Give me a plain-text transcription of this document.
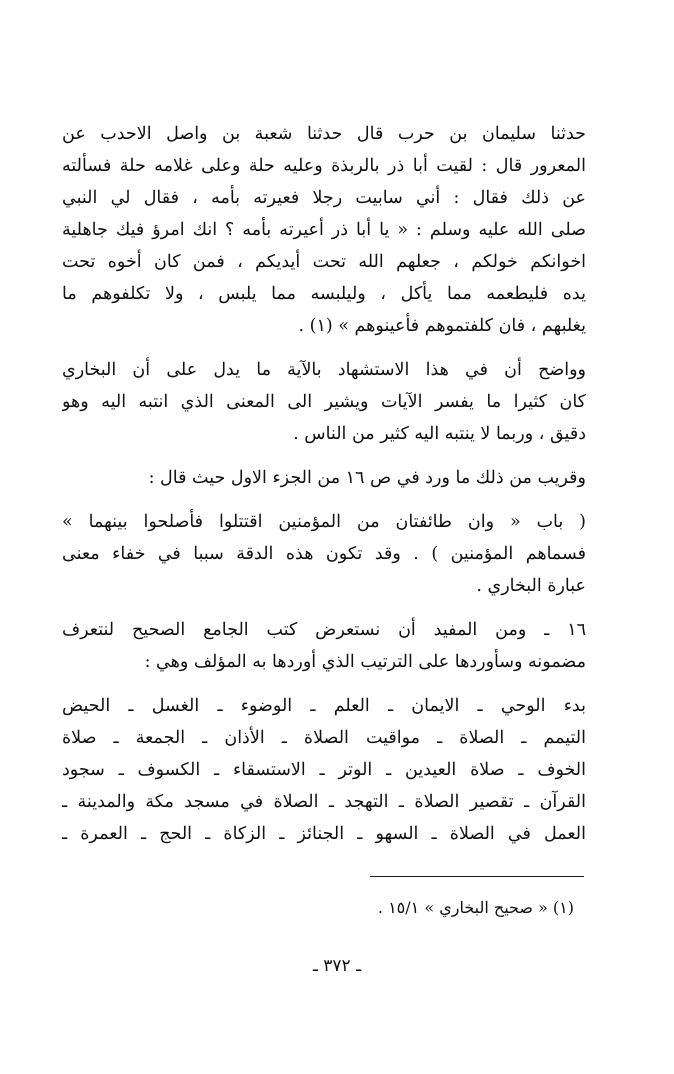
حدثنا سليمان بن حرب قال حدثنا شعبة بن واصل الاحدب عن
المعرور قال : لقيت أبا ذر بالربذة وعليه حلة وعلى غلامه حلة فسألته
عن ذلك فقال : أني سابيت رجلا فعيرته بأمه ، فقال لي النبي
صلى الله عليه وسلم : « يا أبا ذر أعيرته بأمه ؟ انك امرؤ فيك جاهلية
اخوانكم خولكم ، جعلهم الله تحت أيديكم ، فمن كان أخوه تحت
يده فليطعمه مما يأكل ، وليلبسه مما يلبس ، ولا تكلفوهم ما
يغلبهم ، فان كلفتموهم فأعينوهم » (١) .
وواضح أن في هذا الاستشهاد بالآية ما يدل على أن البخاري
كان كثيرا ما يفسر الآيات ويشير الى المعنى الذي انتبه اليه وهو
دقيق ، وربما لا ينتبه اليه كثير من الناس .
وقريب من ذلك ما ورد في ص ١٦ من الجزء الاول حيث قال :
( باب « وان طائفتان من المؤمنين اقتتلوا فأصلحوا بينهما »
فسماهم المؤمنين ) . وقد تكون هذه الدقة سببا في خفاء معنى
عبارة البخاري .
١٦ ـ ومن المفيد أن نستعرض كتب الجامع الصحيح لنتعرف
مضمونه وسأوردها على الترتيب الذي أوردها به المؤلف وهي :
بدء الوحي ـ الايمان ـ العلم ـ الوضوء ـ الغسل ـ الحيض
التيمم ـ الصلاة ـ مواقيت الصلاة ـ الأذان ـ الجمعة ـ صلاة
الخوف ـ صلاة العيدين ـ الوتر ـ الاستسقاء ـ الكسوف ـ سجود
القرآن ـ تقصير الصلاة ـ التهجد ـ الصلاة في مسجد مكة والمدينة ـ
العمل في الصلاة ـ السهو ـ الجنائز ـ الزكاة ـ الحج ـ العمرة ـ
(١) « صحيح البخاري » ١٥/١ .
ـ ٣٧٢ ـ
